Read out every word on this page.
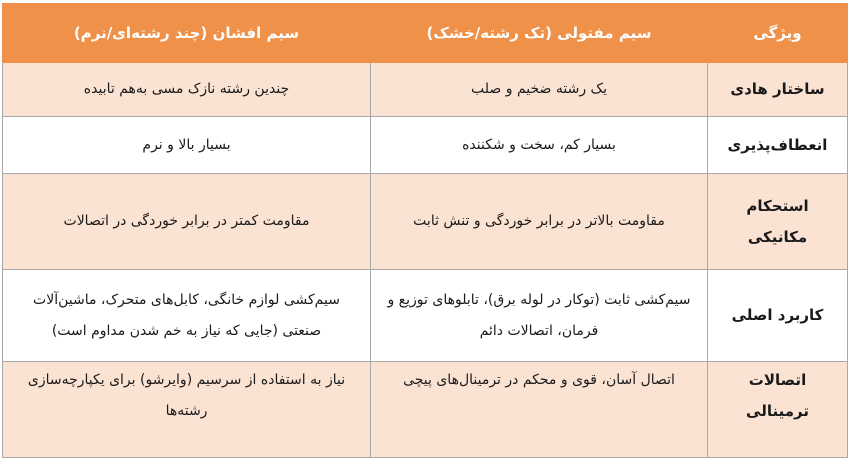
ویژگی	سیم مفتولی (تک رشته/خشک)	سیم افشان (چند رشته‌ای/نرم)
ساختار هادی	یک رشته ضخیم و صلب	چندین رشته نازک مسی به‌هم تابیده
انعطاف‌پذیری	بسیار کم، سخت و شکننده	بسیار بالا و نرم
استحکام مکانیکی	مقاومت بالاتر در برابر خوردگی و تنش ثابت	مقاومت کمتر در برابر خوردگی در اتصالات
کاربرد اصلی	سیم‌کشی ثابت (توکار در لوله برق)، تابلوهای توزیع و فرمان، اتصالات دائم	سیم‌کشی لوازم خانگی، کابل‌های متحرک، ماشین‌آلات صنعتی (جایی که نیاز به خم شدن مداوم است)
اتصالات ترمینالی	اتصال آسان، قوی و محکم در ترمینال‌های پیچی	نیاز به استفاده از سرسیم (وایرشو) برای یکپارچه‌سازی رشته‌ها
